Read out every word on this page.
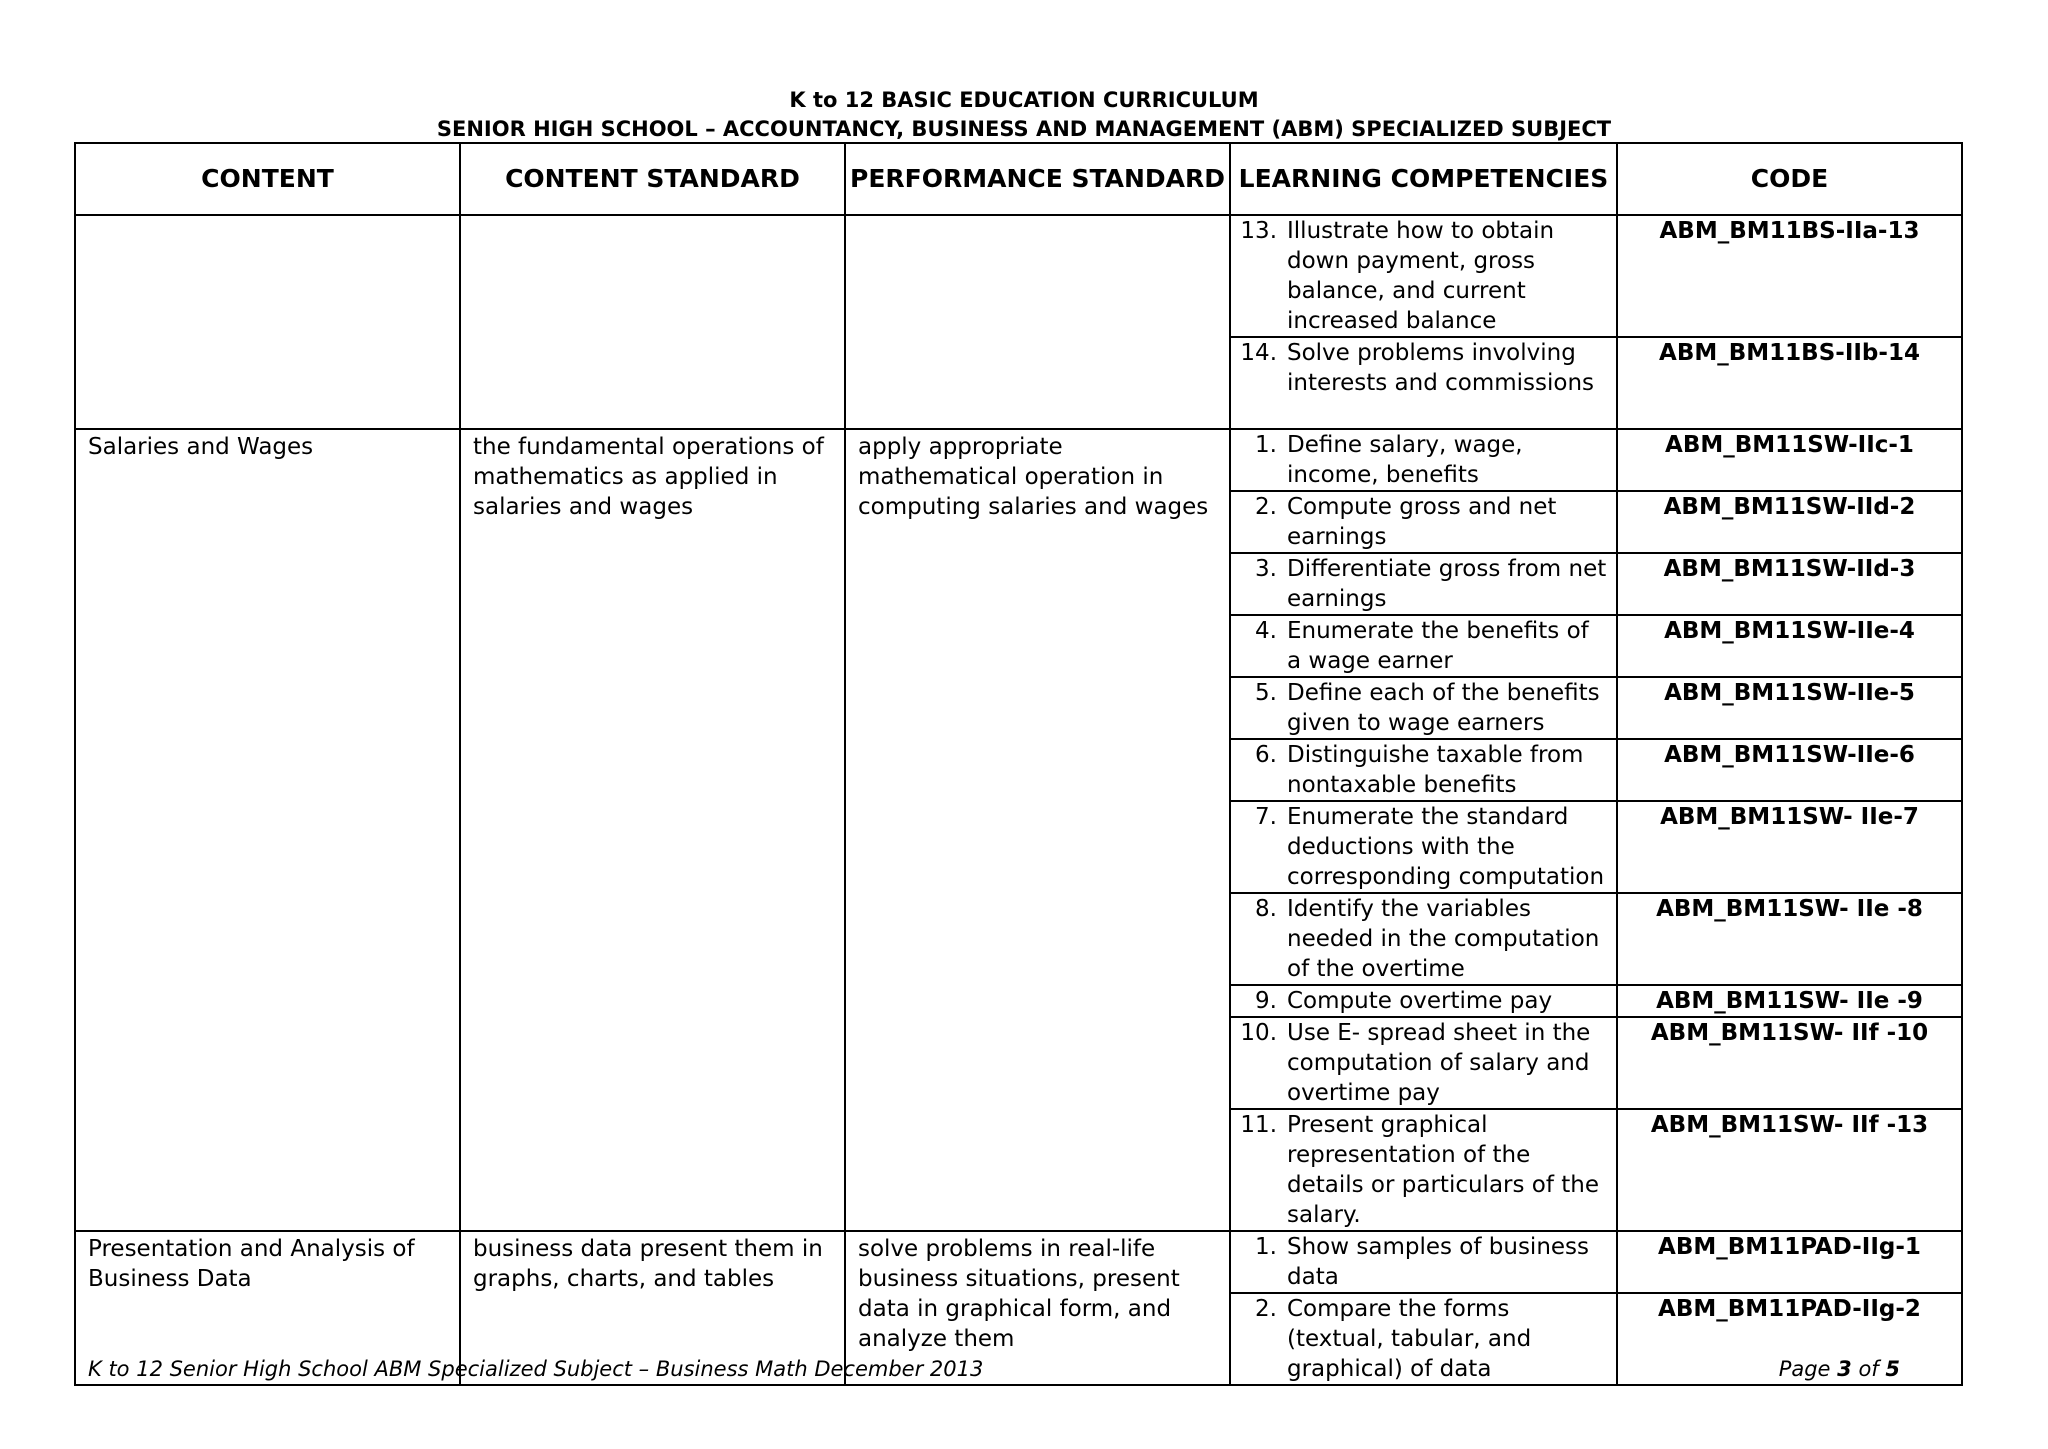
K to 12 BASIC EDUCATION CURRICULUM
SENIOR HIGH SCHOOL – ACCOUNTANCY, BUSINESS AND MANAGEMENT (ABM) SPECIALIZED SUBJECT
CONTENT	CONTENT STANDARD	PERFORMANCE STANDARD	LEARNING COMPETENCIES	CODE

			13. Illustrate how to obtain down payment, gross balance, and current increased balance	ABM_BM11BS-IIa-13

			14. Solve problems involving interests and commissions	ABM_BM11BS-IIb-14

Salaries and Wages	the fundamental operations of mathematics as applied in salaries and wages	apply appropriate mathematical operation in computing salaries and wages	1. Define salary, wage, income, benefits	ABM_BM11SW-IIc-1

			2. Compute gross and net earnings	ABM_BM11SW-IId-2

			3. Differentiate gross from net earnings	ABM_BM11SW-IId-3

			4. Enumerate the benefits of a wage earner	ABM_BM11SW-IIe-4

			5. Define each of the benefits given to wage earners	ABM_BM11SW-IIe-5

			6. Distinguishe taxable from nontaxable benefits	ABM_BM11SW-IIe-6

			7. Enumerate the standard deductions with the corresponding computation	ABM_BM11SW- IIe-7

			8. Identify the variables needed in the computation of the overtime	ABM_BM11SW- IIe -8

			9. Compute overtime pay	ABM_BM11SW- IIe -9

			10. Use E- spread sheet in the computation of salary and overtime pay	ABM_BM11SW- IIf -10

			11. Present graphical representation of the details or particulars of the salary.	ABM_BM11SW- IIf -13

Presentation and Analysis of Business Data	business data present them in graphs, charts, and tables	solve problems in real-life business situations, present data in graphical form, and analyze them	1. Show samples of business data	ABM_BM11PAD-IIg-1

			2. Compare the forms (textual, tabular, and graphical) of data	ABM_BM11PAD-IIg-2
K to 12 Senior High School ABM Specialized Subject – Business Math December 2013	Page 3 of 5
